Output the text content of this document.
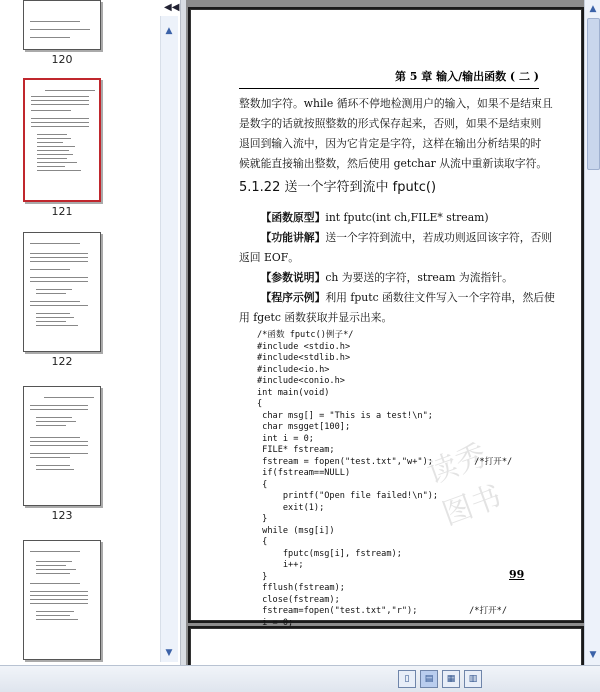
◀◀
120
121
122
123
▲
▼
第 5 章 输入/输出函数 ( 二 )
整数加字符。while 循环不停地检测用户的输入，如果不是结束且
是数字的话就按照整数的形式保存起来，否则，如果不是结束则
退回到输入流中，因为它肯定是字符，这样在输出分析结果的时
候就能直接输出整数，然后使用 getchar 从流中重新读取字符。
5.1.22 送一个字符到流中 fputc()
【函数原型】int fputc(int ch,FILE* stream)
【功能讲解】送一个字符到流中，若成功则返回该字符，否则
返回 EOF。
【参数说明】ch 为要送的字符，stream 为流指针。
【程序示例】利用 fputc 函数往文件写入一个字符串，然后使
用 fgetc 函数获取并显示出来。
/*函数 fputc()例子*/
#include <stdio.h>
#include<stdlib.h>
#include<io.h>
#include<conio.h>
int main(void)
{
char msg[] = "This is a test!\n";
char msgget[100];
int i = 0;
FILE* fstream;
fstream = fopen("test.txt","w+");        /*打开*/
if(fstream==NULL)
{
printf("Open file failed!\n");
exit(1);
}
while (msg[i])
{
fputc(msg[i], fstream);
i++;
}
fflush(fstream);
close(fstream);
fstream=fopen("test.txt","r");          /*打开*/
i = 0;
读秀
图书
99
▲
▼
▯	▤	▦	▥
